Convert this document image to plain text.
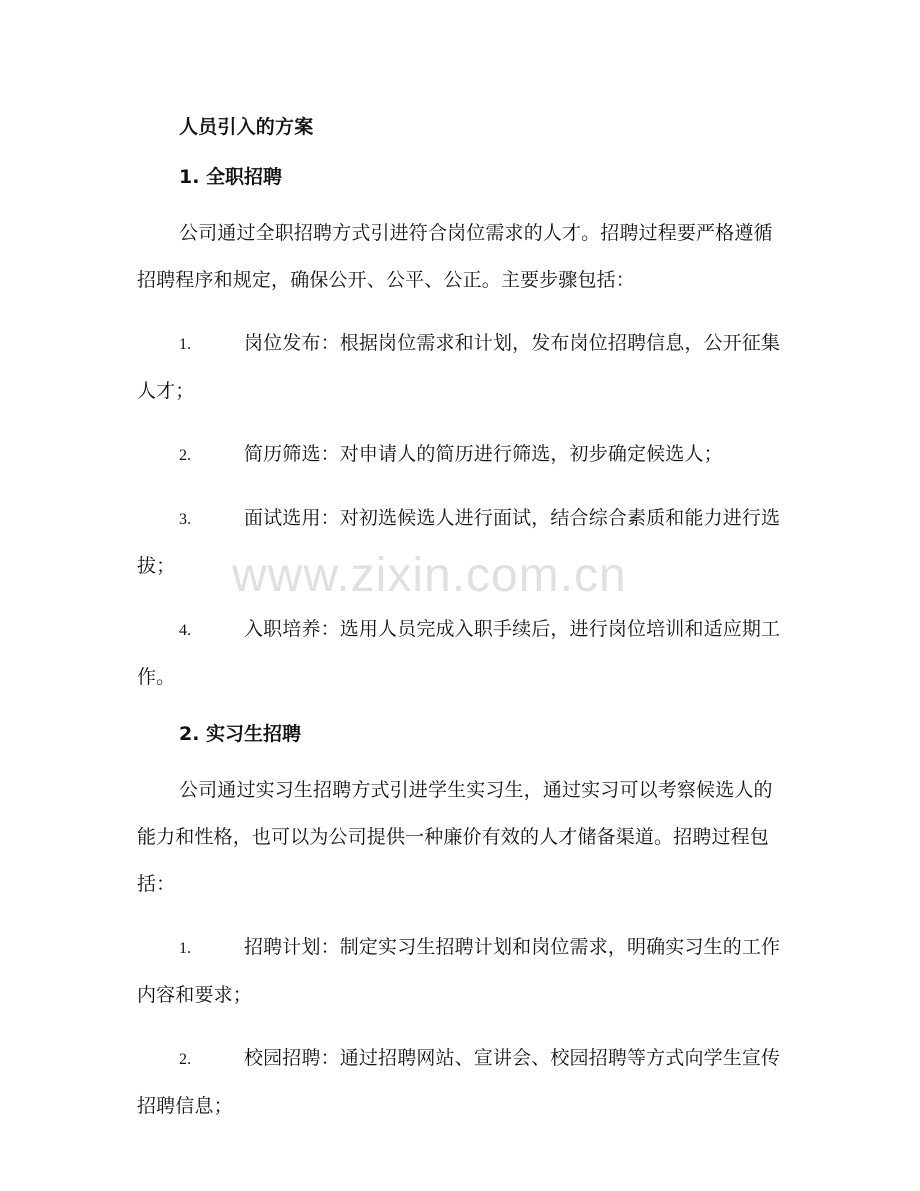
人员引入的方案
1. 全职招聘

公司通过全职招聘方式引进符合岗位需求的人才。招聘过程要严格遵循招聘程序和规定，确保公开、公平、公正。主要步骤包括：

1.	岗位发布：根据岗位需求和计划，发布岗位招聘信息，公开征集人才；
2.	简历筛选：对申请人的简历进行筛选，初步确定候选人；
3.	面试选用：对初选候选人进行面试，结合综合素质和能力进行选拔；
4.	入职培养：选用人员完成入职手续后，进行岗位培训和适应期工作。
2. 实习生招聘

公司通过实习生招聘方式引进学生实习生，通过实习可以考察候选人的能力和性格，也可以为公司提供一种廉价有效的人才储备渠道。招聘过程包括：

1.	招聘计划：制定实习生招聘计划和岗位需求，明确实习生的工作内容和要求；
2.	校园招聘：通过招聘网站、宣讲会、校园招聘等方式向学生宣传招聘信息；
www.zixin.com.cn
